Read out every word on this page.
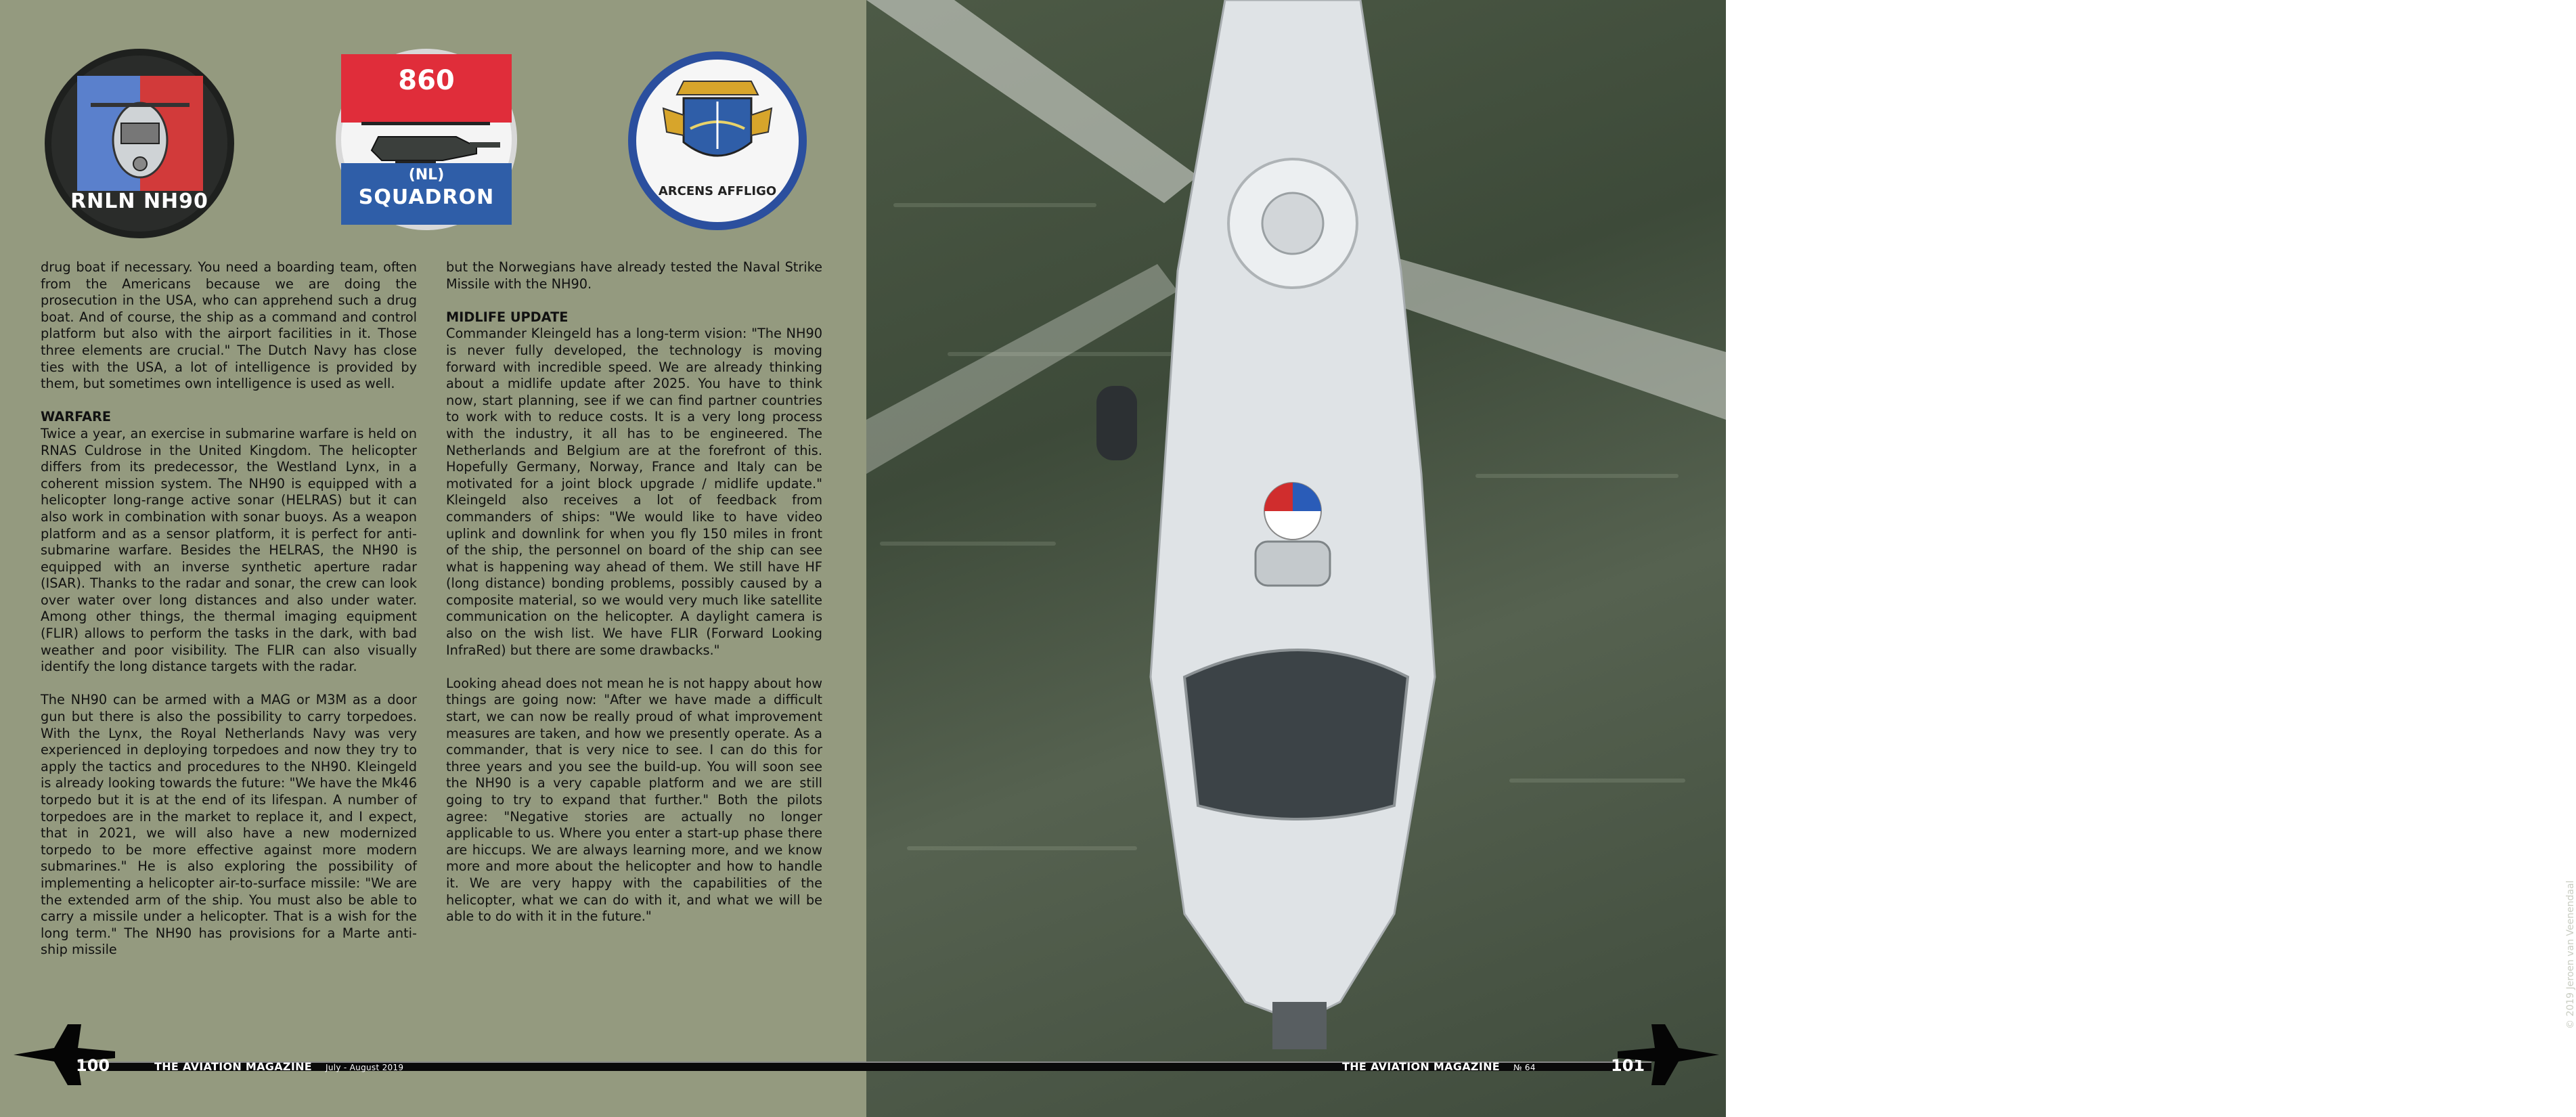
RNLN NH90
860
(NL)
SQUADRON	ARCENS AFFLIGO

drug boat if necessary. You need a boarding team, often from the Americans because we are doing the prosecution in the USA, who can apprehend such a drug boat. And of course, the ship as a command and control platform but also with the airport facilities in it. Those three elements are crucial." The Dutch Navy has close ties with the USA, a lot of intelligence is provided by them, but sometimes own intelligence is used as well.

WARFARE

Twice a year, an exercise in submarine warfare is held on RNAS Culdrose in the United Kingdom. The helicopter differs from its predecessor, the Westland Lynx, in a coherent mission system. The NH90 is equipped with a helicopter long-range active sonar (HELRAS) but it can also work in combination with sonar buoys. As a weapon platform and as a sensor platform, it is perfect for anti-submarine warfare. Besides the HELRAS, the NH90 is equipped with an inverse synthetic aperture radar (ISAR). Thanks to the radar and sonar, the crew can look over water over long distances and also under water. Among other things, the thermal imaging equipment (FLIR) allows to perform the tasks in the dark, with bad weather and poor visibility. The FLIR can also visually identify the long distance targets with the radar.

The NH90 can be armed with a MAG or M3M as a door gun but there is also the possibility to carry torpedoes. With the Lynx, the Royal Netherlands Navy was very experienced in deploying torpedoes and now they try to apply the tactics and procedures to the NH90. Kleingeld is already looking towards the future: "We have the Mk46 torpedo but it is at the end of its lifespan. A number of torpedoes are in the market to replace it, and I expect, that in 2021, we will also have a new modernized torpedo to be more effective against more modern submarines." He is also exploring the possibility of implementing a helicopter air-to-surface missile: "We are the extended arm of the ship. You must also be able to carry a missile under a helicopter. That is a wish for the long term." The NH90 has provisions for a Marte anti-ship missile

but the Norwegians have already tested the Naval Strike Missile with the NH90.

MIDLIFE UPDATE

Commander Kleingeld has a long-term vision: "The NH90 is never fully developed, the technology is moving forward with incredible speed. We are already thinking about a midlife update after 2025. You have to think now, start planning, see if we can find partner countries to work with to reduce costs. It is a very long process with the industry, it all has to be engineered. The Netherlands and Belgium are at the forefront of this. Hopefully Germany, Norway, France and Italy can be motivated for a joint block upgrade / midlife update." Kleingeld also receives a lot of feedback from commanders of ships: "We would like to have video uplink and downlink for when you fly 150 miles in front of the ship, the personnel on board of the ship can see what is happening way ahead of them. We still have HF (long distance) bonding problems, possibly caused by a composite material, so we would very much like satellite communication on the helicopter. A daylight camera is also on the wish list. We have FLIR (Forward Looking InfraRed) but there are some drawbacks."

Looking ahead does not mean he is not happy about how things are going now: "After we have made a difficult start, we can now be really proud of what improvement measures are taken, and how we presently operate. As a commander, that is very nice to see. I can do this for three years and you see the build-up. You will soon see the NH90 is a very capable platform and we are still going to try to expand that further." Both the pilots agree: "Negative stories are actually no longer applicable to us. Where you enter a start-up phase there are hiccups. We are always learning more, and we know more and more about the helicopter and how to handle it. We are very happy with the capabilities of the helicopter, what we can do with it, and what we will be able to do with it in the future."	© 2019 Jeroen van Veenendaal
100	THE AVIATION MAGAZINE July - August 2019	THE AVIATION MAGAZINE № 64	101
